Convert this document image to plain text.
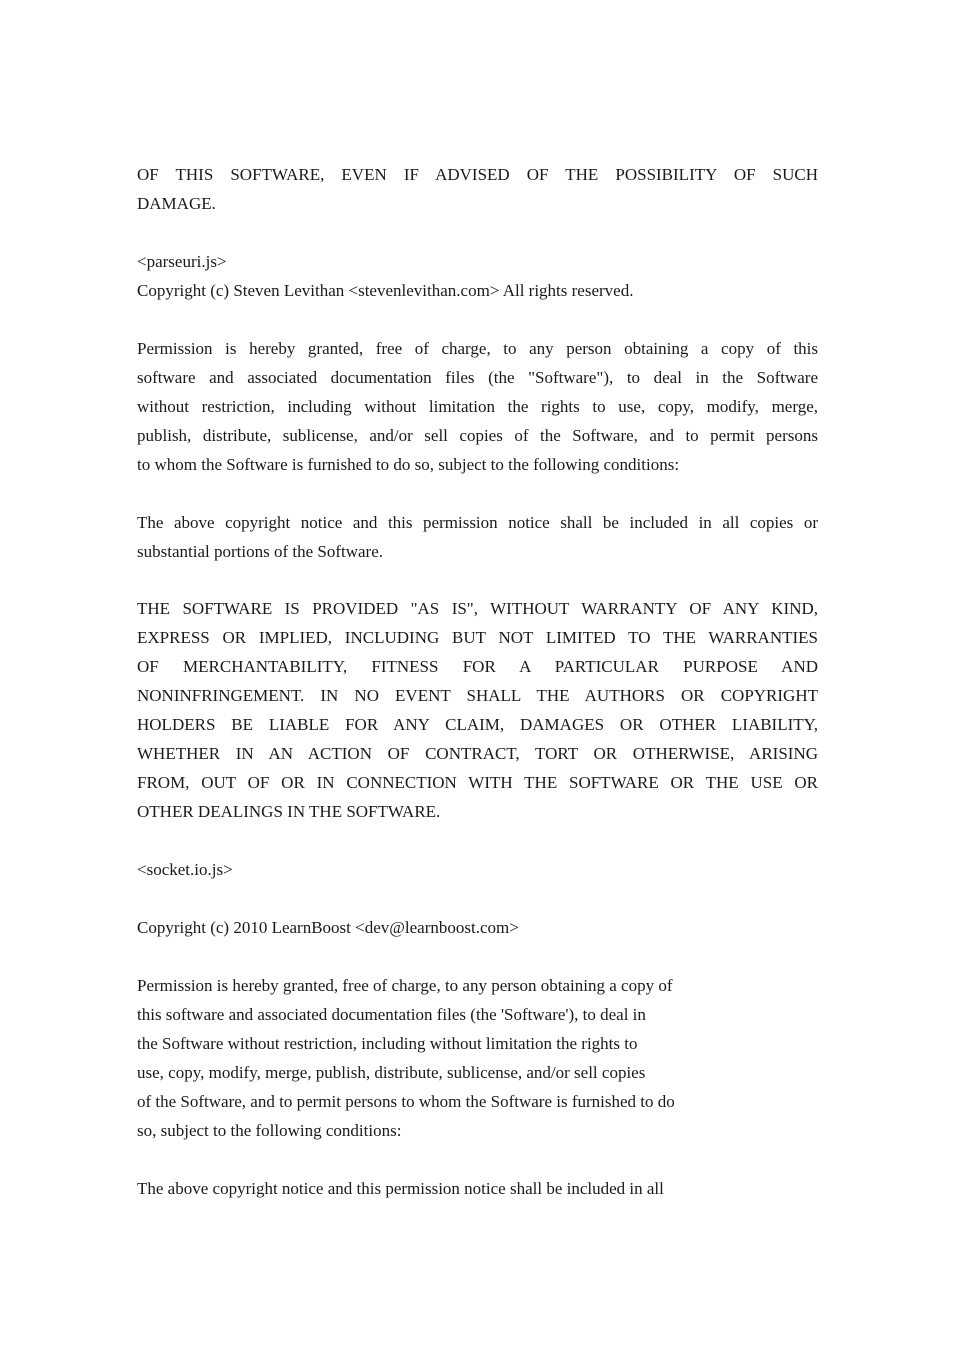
OF THIS SOFTWARE, EVEN IF ADVISED OF THE POSSIBILITY OF SUCH
DAMAGE.
<parseuri.js>
Copyright (c) Steven Levithan <stevenlevithan.com> All rights reserved.
Permission is hereby granted, free of charge, to any person obtaining a copy of this
software and associated documentation files (the "Software"), to deal in the Software
without restriction, including without limitation the rights to use, copy, modify, merge,
publish, distribute, sublicense, and/or sell copies of the Software, and to permit persons
to whom the Software is furnished to do so, subject to the following conditions:
The above copyright notice and this permission notice shall be included in all copies or
substantial portions of the Software.
THE SOFTWARE IS PROVIDED "AS IS", WITHOUT WARRANTY OF ANY KIND,
EXPRESS OR IMPLIED, INCLUDING BUT NOT LIMITED TO THE WARRANTIES
OF MERCHANTABILITY, FITNESS FOR A PARTICULAR PURPOSE AND
NONINFRINGEMENT. IN NO EVENT SHALL THE AUTHORS OR COPYRIGHT
HOLDERS BE LIABLE FOR ANY CLAIM, DAMAGES OR OTHER LIABILITY,
WHETHER IN AN ACTION OF CONTRACT, TORT OR OTHERWISE, ARISING
FROM, OUT OF OR IN CONNECTION WITH THE SOFTWARE OR THE USE OR
OTHER DEALINGS IN THE SOFTWARE.
<socket.io.js>
Copyright (c) 2010 LearnBoost <dev@learnboost.com>
Permission is hereby granted, free of charge, to any person obtaining a copy of
this software and associated documentation files (the 'Software'), to deal in
the Software without restriction, including without limitation the rights to
use, copy, modify, merge, publish, distribute, sublicense, and/or sell copies
of the Software, and to permit persons to whom the Software is furnished to do
so, subject to the following conditions:
The above copyright notice and this permission notice shall be included in all
